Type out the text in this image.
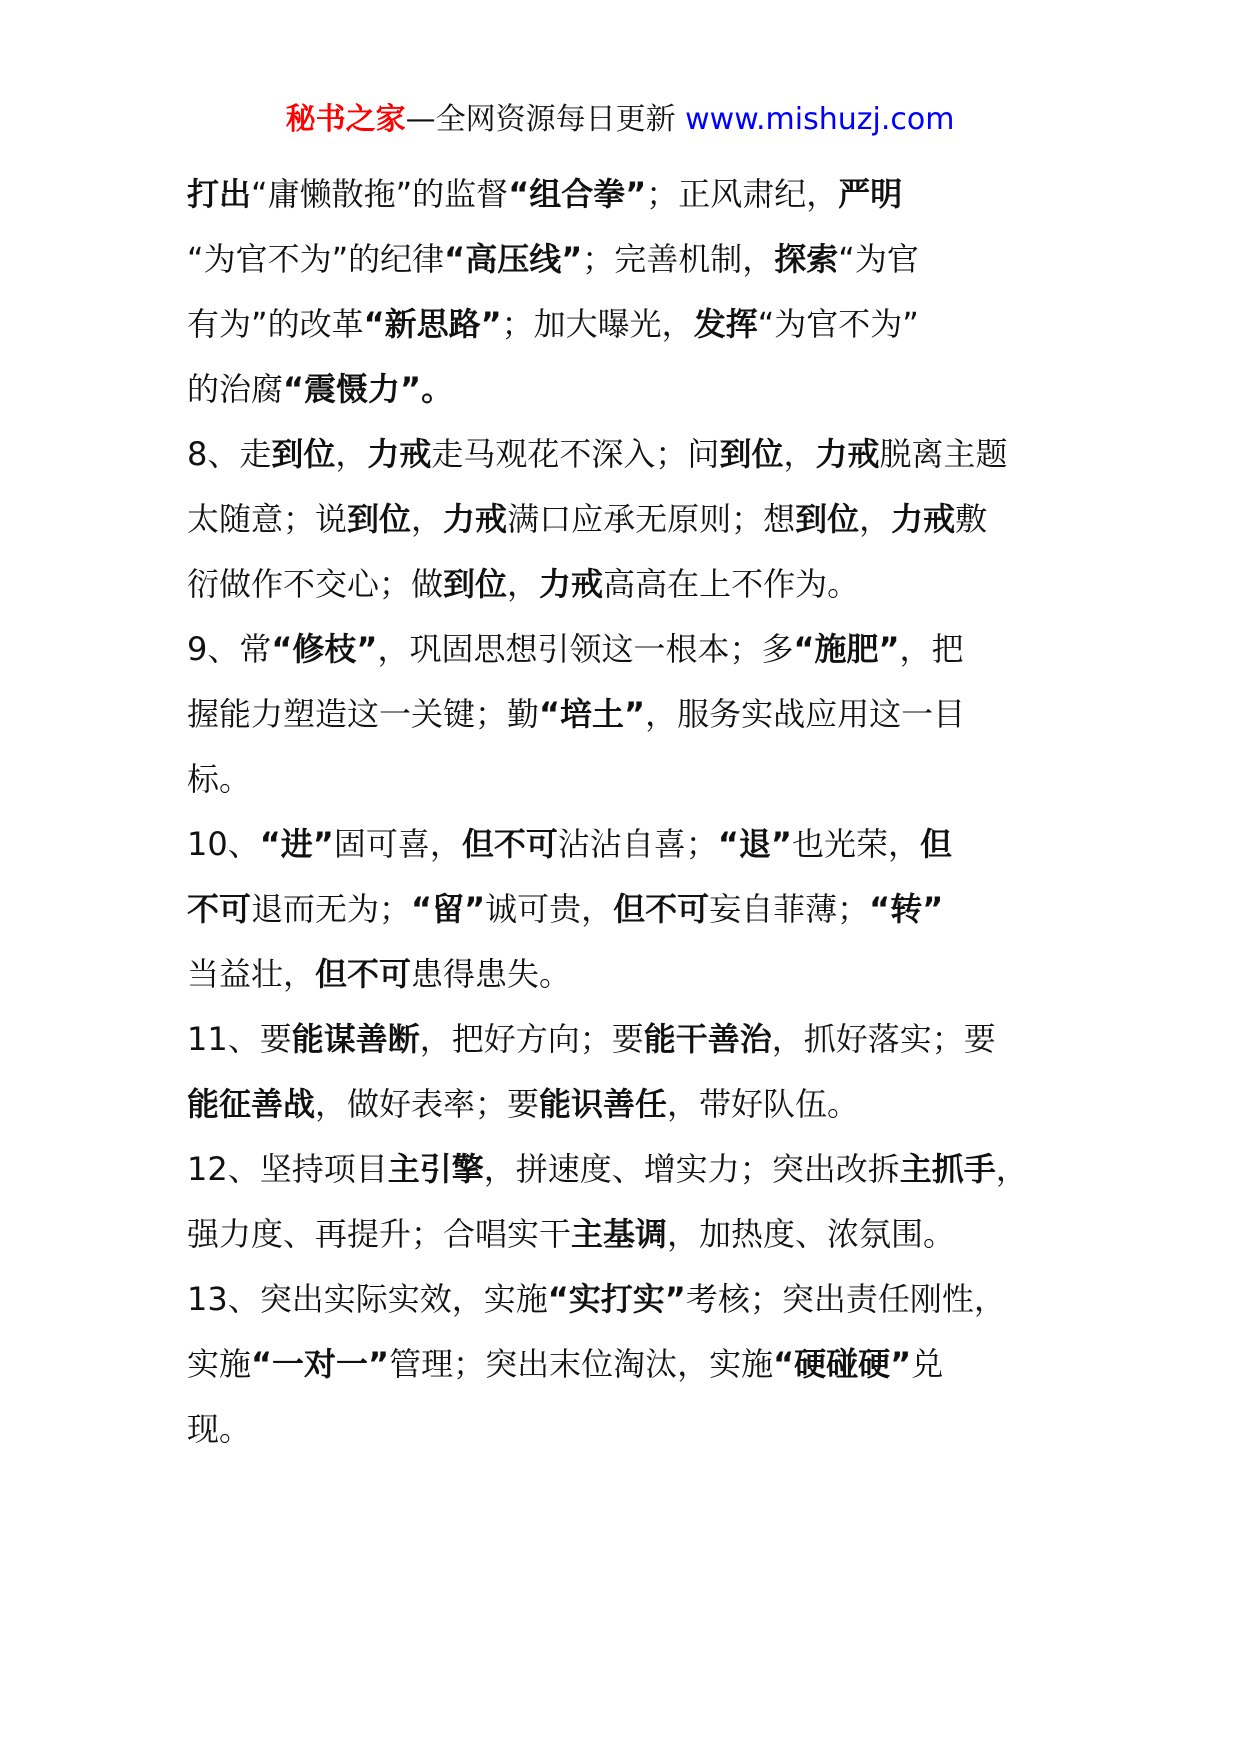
秘书之家—全网资源每日更新 www.mishuzj.com
打出“庸懒散拖”的监督“组合拳”；正风肃纪，严明
“为官不为”的纪律“高压线”；完善机制，探索“为官
有为”的改革“新思路”；加大曝光，发挥“为官不为”
的治腐“震慑力”。
8、走到位，力戒走马观花不深入；问到位，力戒脱离主题
太随意；说到位，力戒满口应承无原则；想到位，力戒敷
衍做作不交心；做到位，力戒高高在上不作为。
9、常“修枝”，巩固思想引领这一根本；多“施肥”，把
握能力塑造这一关键；勤“培土”，服务实战应用这一目
标。
10、“进”固可喜，但不可沾沾自喜；“退”也光荣，但
不可退而无为；“留”诚可贵，但不可妄自菲薄；“转”
当益壮，但不可患得患失。
11、要能谋善断，把好方向；要能干善治，抓好落实；要
能征善战，做好表率；要能识善任，带好队伍。
12、坚持项目主引擎，拼速度、增实力；突出改拆主抓手，
强力度、再提升；合唱实干主基调，加热度、浓氛围。
13、突出实际实效，实施“实打实”考核；突出责任刚性，
实施“一对一”管理；突出末位淘汰，实施“硬碰硬”兑
现。
